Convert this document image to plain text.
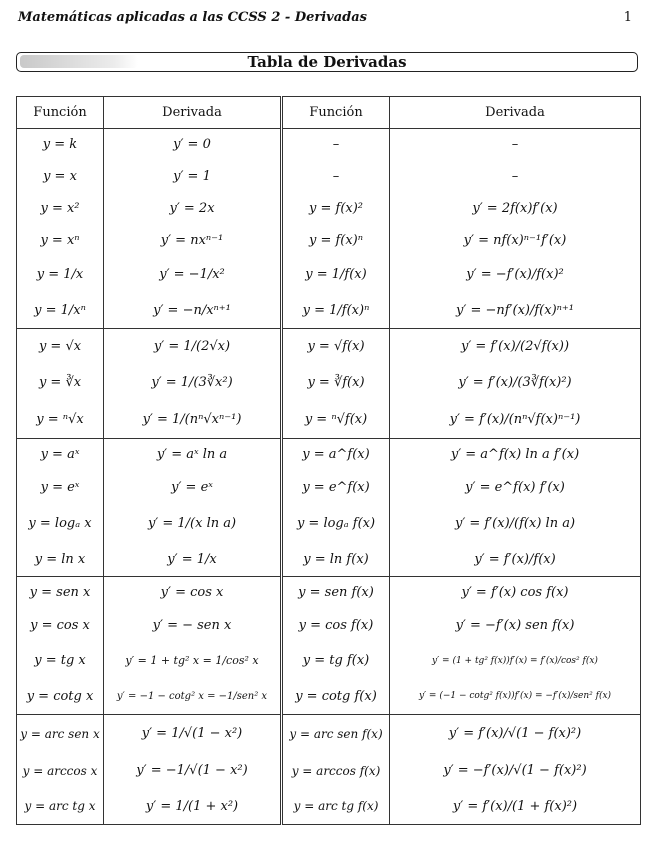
Matemáticas aplicadas a las CCSS 2 - Derivadas	1
Tabla de Derivadas
Función	Derivada	Función	Derivada
y = k	y′ = 0	–	–
y = x	y′ = 1	–	–
y = x²	y′ = 2x	y = f(x)²	y′ = 2f(x)f′(x)
y = xⁿ	y′ = nxⁿ⁻¹	y = f(x)ⁿ	y′ = nf(x)ⁿ⁻¹f′(x)
y = 1/x	y′ = −1/x²	y = 1/f(x)	y′ = −f′(x)/f(x)²
y = 1/xⁿ	y′ = −n/xⁿ⁺¹	y = 1/f(x)ⁿ	y′ = −nf′(x)/f(x)ⁿ⁺¹
y = √x	y′ = 1/(2√x)	y = √f(x)	y′ = f′(x)/(2√f(x))
y = ∛x	y′ = 1/(3∛x²)	y = ∛f(x)	y′ = f′(x)/(3∛f(x)²)
y = ⁿ√x	y′ = 1/(nⁿ√xⁿ⁻¹)	y = ⁿ√f(x)	y′ = f′(x)/(nⁿ√f(x)ⁿ⁻¹)
y = aˣ	y′ = aˣ ln a	y = a^f(x)	y′ = a^f(x) ln a f′(x)
y = eˣ	y′ = eˣ	y = e^f(x)	y′ = e^f(x) f′(x)
y = logₐ x	y′ = 1/(x ln a)	y = logₐ f(x)	y′ = f′(x)/(f(x) ln a)
y = ln x	y′ = 1/x	y = ln f(x)	y′ = f′(x)/f(x)
y = sen x	y′ = cos x	y = sen f(x)	y′ = f′(x) cos f(x)
y = cos x	y′ = − sen x	y = cos f(x)	y′ = −f′(x) sen f(x)
y = tg x	y′ = 1 + tg² x = 1/cos² x	y = tg f(x)	y′ = (1 + tg² f(x))f′(x) = f′(x)/cos² f(x)
y = cotg x	y′ = −1 − cotg² x = −1/sen² x	y = cotg f(x)	y′ = (−1 − cotg² f(x))f′(x) = −f′(x)/sen² f(x)
y = arc sen x	y′ = 1/√(1 − x²)	y = arc sen f(x)	y′ = f′(x)/√(1 − f(x)²)
y = arccos x	y′ = −1/√(1 − x²)	y = arccos f(x)	y′ = −f′(x)/√(1 − f(x)²)
y = arc tg x	y′ = 1/(1 + x²)	y = arc tg f(x)	y′ = f′(x)/(1 + f(x)²)
